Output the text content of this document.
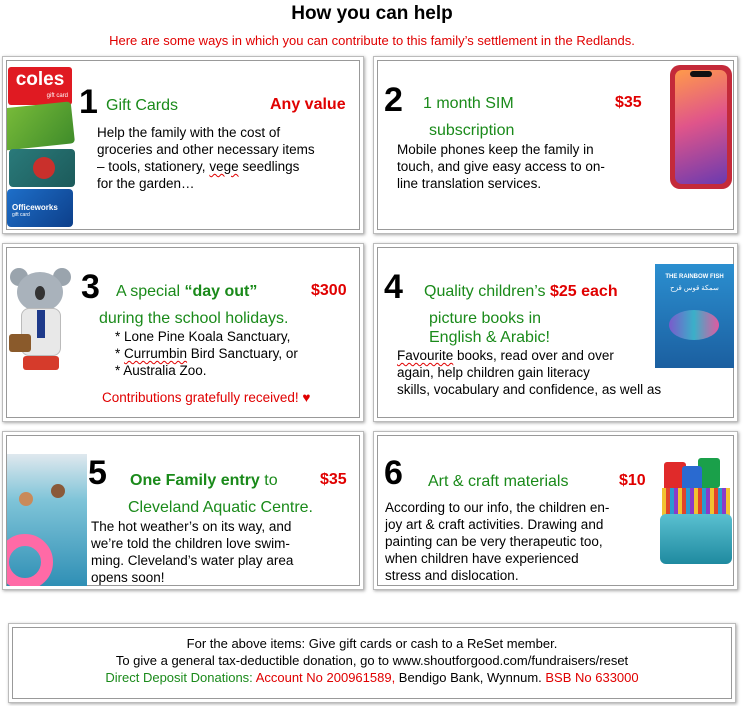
How you can help
Here are some ways in which you can contribute to this family’s settlement in the Redlands.
coles
gift card
Officeworks
gift card
1 Gift Cards	Any value
Help the family with the cost of
groceries and other necessary items
– tools, stationery, vege seedlings
for the garden…
2 1 month SIM
subscription
$35
Mobile phones keep the family in
touch, and give easy access to on-
line translation services.
3 A special “day out”
during the school holidays.
$300
* Lone Pine Koala Sanctuary,
* Currumbin Bird Sanctuary, or
* Australia Zoo.
Contributions gratefully received! ♥
4 Quality children’s $25 each
picture books in
English & Arabic!
Favourite books, read over and over
again, help children gain literacy
skills, vocabulary and confidence, as well as
THE RAINBOW FISH
سمكة قوس قزح
5 One Family entry to
Cleveland Aquatic Centre.
$35
The hot weather’s on its way, and
we’re told the children love swim-
ming. Cleveland’s water play area
opens soon!
6 Art & craft materials	$10
According to our info, the children en-
joy art & craft activities. Drawing and
painting can be very therapeutic too,
when children have experienced
stress and dislocation.
For the above items: Give gift cards or cash to a ReSet member.
To give a general tax-deductible donation, go to www.shoutforgood.com/fundraisers/reset
Direct Deposit Donations: Account No 200961589, Bendigo Bank, Wynnum. BSB No 633000
